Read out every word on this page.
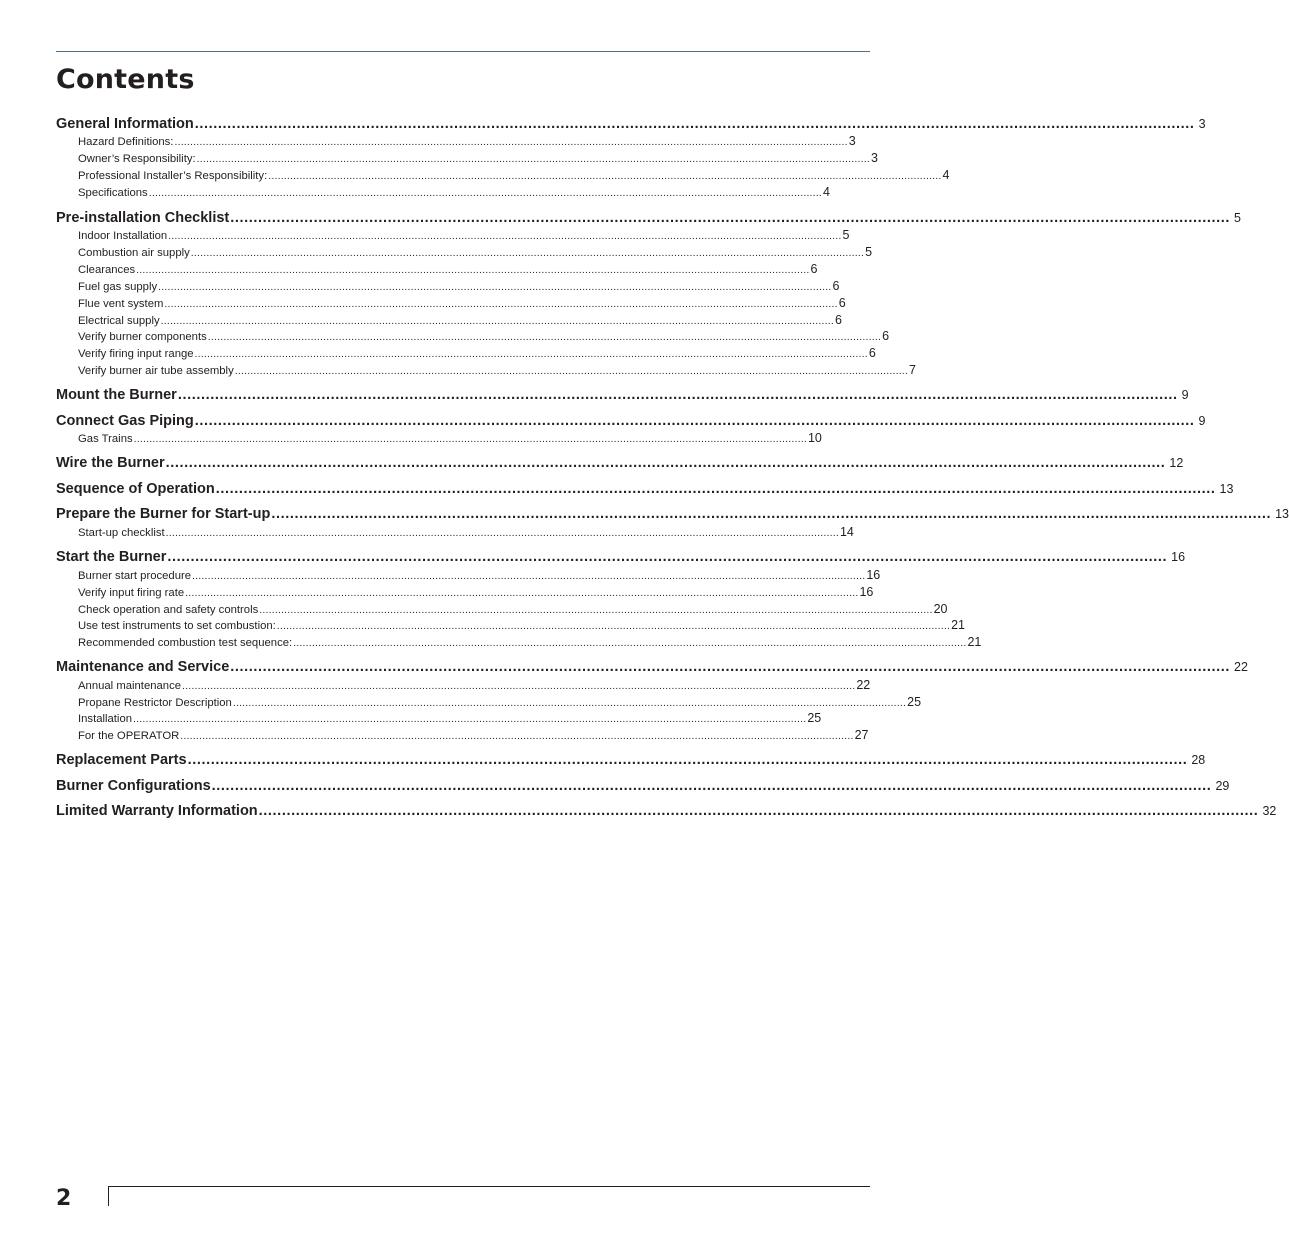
Contents
General Information ........................................................................................................................................................................................................................ 3
Hazard Definitions: ........................................................................................................................................................................................................................ 3
Owner’s Responsibility: ........................................................................................................................................................................................................................ 3
Professional Installer’s Responsibility: ........................................................................................................................................................................................................................ 4
Specifications ........................................................................................................................................................................................................................ 4
Pre-installation Checklist ........................................................................................................................................................................................................................ 5
Indoor Installation ........................................................................................................................................................................................................................ 5
Combustion air supply ........................................................................................................................................................................................................................ 5
Clearances ........................................................................................................................................................................................................................ 6
Fuel gas supply ........................................................................................................................................................................................................................ 6
Flue vent system ........................................................................................................................................................................................................................ 6
Electrical supply ........................................................................................................................................................................................................................ 6
Verify burner components ........................................................................................................................................................................................................................ 6
Verify firing input range ........................................................................................................................................................................................................................ 6
Verify burner air tube assembly ........................................................................................................................................................................................................................ 7
Mount the Burner ........................................................................................................................................................................................................................ 9
Connect Gas Piping ........................................................................................................................................................................................................................ 9
Gas Trains ........................................................................................................................................................................................................................ 10
Wire the Burner ........................................................................................................................................................................................................................ 12
Sequence of Operation ........................................................................................................................................................................................................................ 13
Prepare the Burner for Start-up ........................................................................................................................................................................................................................ 13
Start-up checklist ........................................................................................................................................................................................................................ 14
Start the Burner ........................................................................................................................................................................................................................ 16
Burner start procedure ........................................................................................................................................................................................................................ 16
Verify input firing rate ........................................................................................................................................................................................................................ 16
Check operation and safety controls ........................................................................................................................................................................................................................ 20
Use test instruments to set combustion: ........................................................................................................................................................................................................................ 21
Recommended combustion test sequence: ........................................................................................................................................................................................................................ 21
Maintenance and Service ........................................................................................................................................................................................................................ 22
Annual maintenance ........................................................................................................................................................................................................................ 22
Propane Restrictor Description ........................................................................................................................................................................................................................ 25
Installation ........................................................................................................................................................................................................................ 25
For the OPERATOR ........................................................................................................................................................................................................................ 27
Replacement Parts ........................................................................................................................................................................................................................ 28
Burner Configurations ........................................................................................................................................................................................................................ 29
Limited Warranty Information ........................................................................................................................................................................................................................ 32
2
